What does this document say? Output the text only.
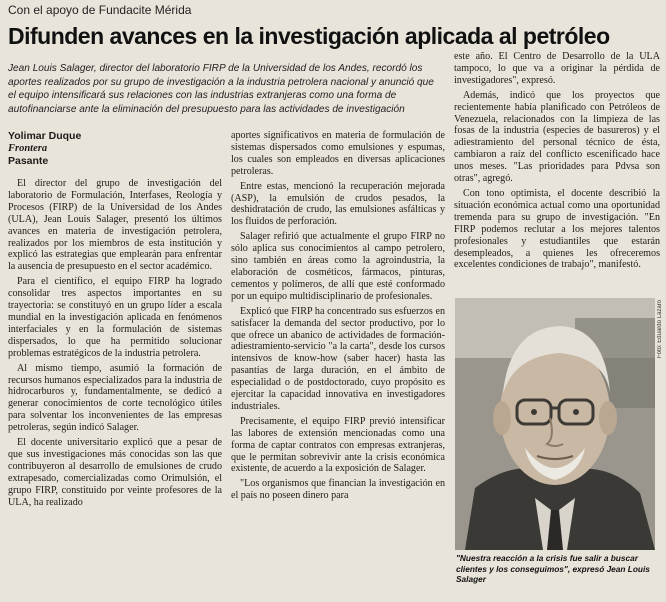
Con el apoyo de Fundacite Mérida
Difunden avances en la investigación aplicada al petróleo
Jean Louis Salager, director del laboratorio FIRP de la Universidad de los Andes, recordó los aportes realizados por su grupo de investigación a la industria petrolera nacional y anunció que el equipo intensificará sus relaciones con las industrias extranjeras como una forma de autofinanciarse ante la eliminación del presupuesto para las actividades de investigación
Yolimar Duque
Frontera
Pasante

El director del grupo de investigación del laboratorio de Formulación, Interfases, Reología y Procesos (FIRP) de la Universidad de los Andes (ULA), Jean Louis Salager, presentó los últimos avances en materia de investigación petrolera, realizados por los miembros de esta institución y explicó las estrategias que emplearán para enfrentar la ausencia de presupuesto en el sector académico.

Para el científico, el equipo FIRP ha logrado consolidar tres aspectos importantes en su trayectoria: se constituyó en un grupo líder a escala mundial en la investigación aplicada en fenómenos interfaciales y en la formulación de sistemas dispersados, lo que ha permitido solucionar problemas estratégicos de la industria petrolera.

Al mismo tiempo, asumió la formación de recursos humanos especializados para la industria de hidrocarburos y, fundamentalmente, se dedicó a generar conocimientos de corte tecnológico útiles para solventar los inconvenientes de las empresas petroleras, según indicó Salager.

El docente universitario explicó que a pesar de que sus investigaciones más conocidas son las que contribuyeron al desarrollo de emulsiones de crudo extrapesado, comercializadas como Orimulsión, el grupo FIRP, constituido por veinte profesores de la ULA, ha realizado

aportes significativos en materia de formulación de sistemas dispersados como emulsiones y espumas, los cuales son empleados en diversas aplicaciones petroleras.

Entre estas, mencionó la recuperación mejorada (ASP), la emulsión de crudos pesados, la deshidratación de crudo, las emulsiones asfálticas y los fluidos de perforación.

Salager refirió que actualmente el grupo FIRP no sólo aplica sus conocimientos al campo petrolero, sino también en áreas como la agroindustria, la elaboración de cosméticos, fármacos, pinturas, cementos y polímeros, de allí que esté conformado por un equipo multidisciplinario de profesionales.

Explicó que FIRP ha concentrado sus esfuerzos en satisfacer la demanda del sector productivo, por lo que ofrece un abanico de actividades de formación-adiestramiento-servicio "a la carta", desde los cursos intensivos de know-how (saber hacer) hasta las pasantías de larga duración, en el ámbito de especialidad o de postdoctorado, cuyo propósito es ejercitar la capacidad innovativa en investigadores industriales.

Precisamente, el equipo FIRP previó intensificar las labores de extensión mencionadas como una forma de captar contratos con empresas extranjeras, que le permitan sobrevivir ante la crisis económica existente, de acuerdo a la exposición de Salager.

"Los organismos que financian la investigación en el país no poseen dinero para

este año. El Centro de Desarrollo de la ULA tampoco, lo que va a originar la pérdida de investigadores", expresó.

Además, indicó que los proyectos que recientemente había planificado con Petróleos de Venezuela, relacionados con la limpieza de las fosas de la industria (especies de basureros) y el adiestramiento del personal técnico de ésta, cambiaron a raíz del conflicto escenificado hace unos meses. "Las prioridades para Pdvsa son otras", agregó.

Con tono optimista, el docente describió la situación económica actual como una oportunidad tremenda para su grupo de investigación. "En FIRP podemos reclutar a los mejores talentos profesionales y estudiantiles que estarán desempleados, a quienes les ofreceremos excelentes condiciones de trabajo", manifestó.

Foto: Eduardo Lázaro
"Nuestra reacción a la crisis fue salir a buscar clientes y los conseguimos", expresó Jean Louis Salager
